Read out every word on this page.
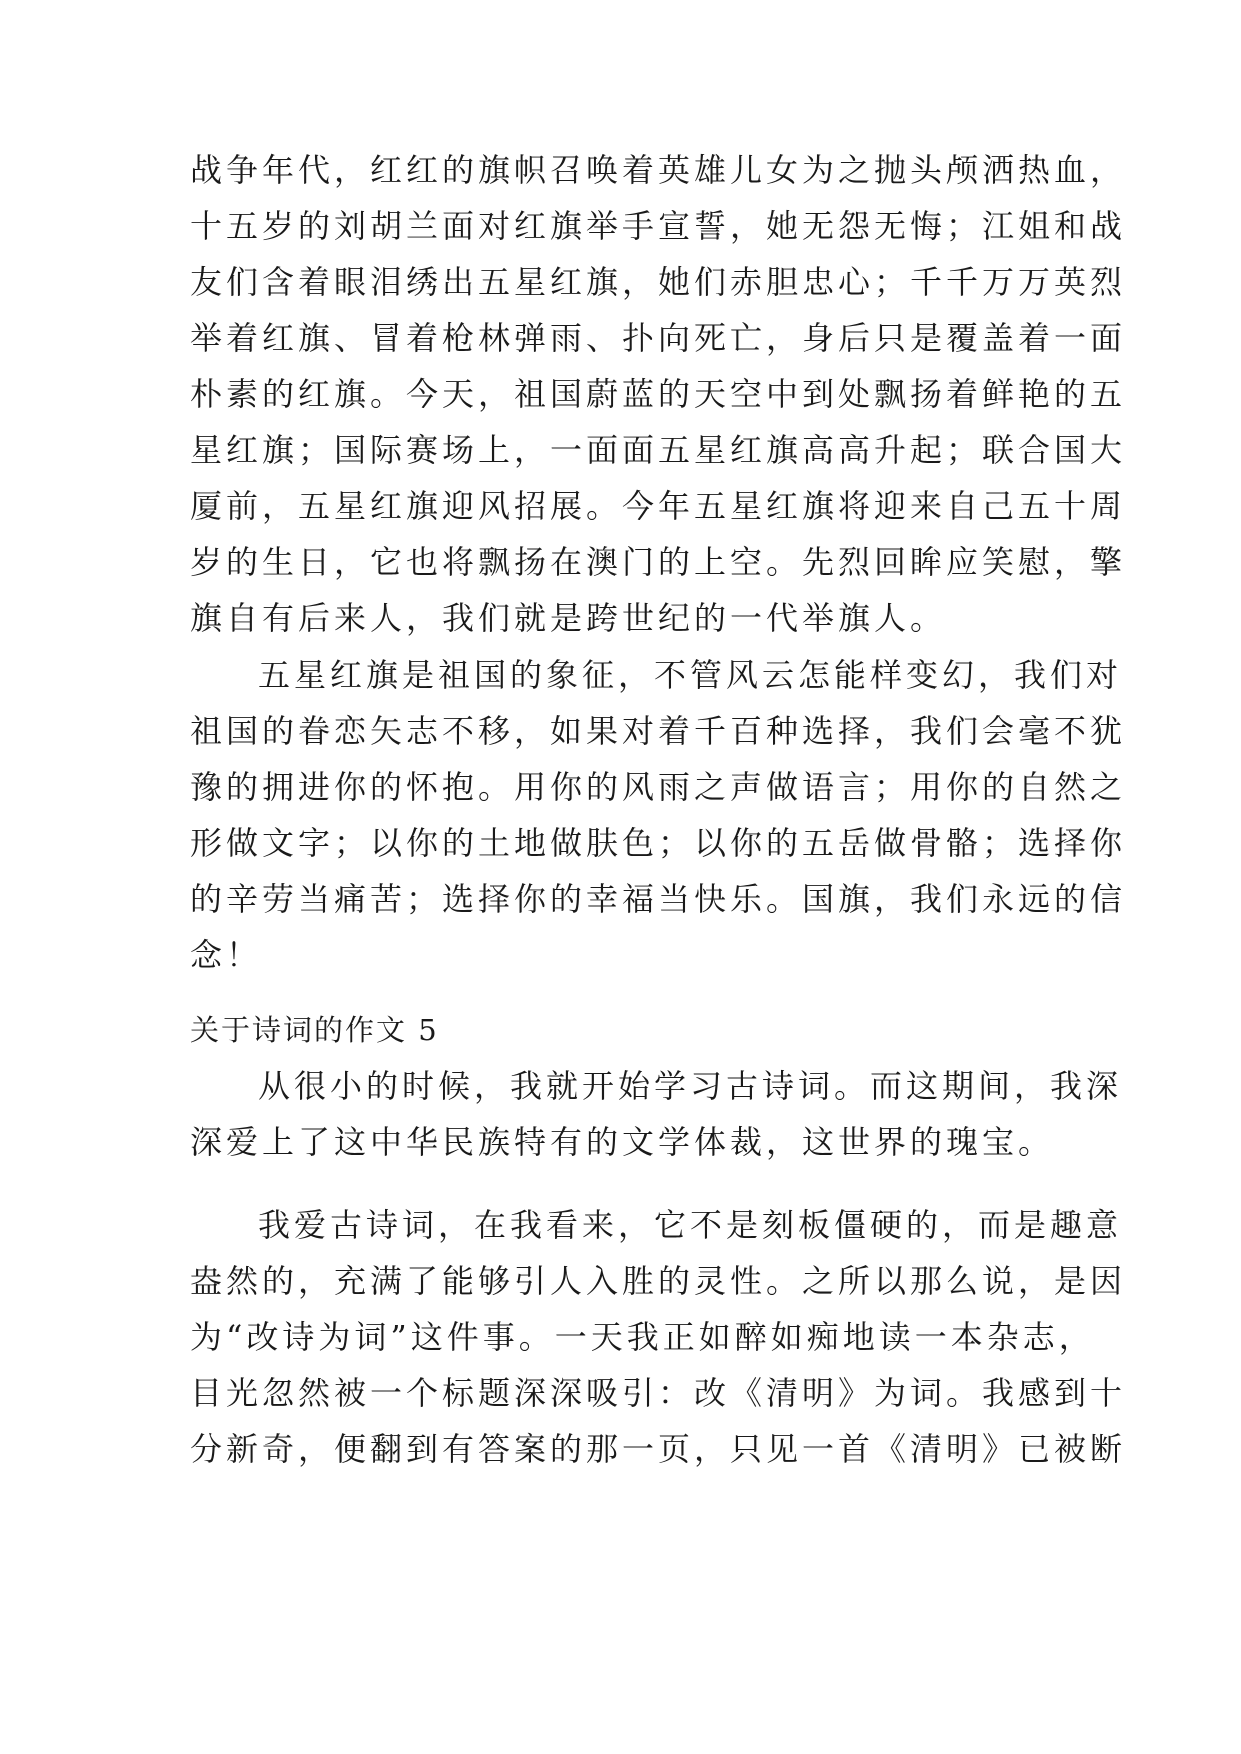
战争年代，红红的旗帜召唤着英雄儿女为之抛头颅洒热血，
十五岁的刘胡兰面对红旗举手宣誓，她无怨无悔；江姐和战
友们含着眼泪绣出五星红旗，她们赤胆忠心；千千万万英烈
举着红旗、冒着枪林弹雨、扑向死亡，身后只是覆盖着一面
朴素的红旗。今天，祖国蔚蓝的天空中到处飘扬着鲜艳的五
星红旗；国际赛场上，一面面五星红旗高高升起；联合国大
厦前，五星红旗迎风招展。今年五星红旗将迎来自己五十周
岁的生日，它也将飘扬在澳门的上空。先烈回眸应笑慰，擎
旗自有后来人，我们就是跨世纪的一代举旗人。
五星红旗是祖国的象征，不管风云怎能样变幻，我们对
祖国的眷恋矢志不移，如果对着千百种选择，我们会毫不犹
豫的拥进你的怀抱。用你的风雨之声做语言；用你的自然之
形做文字；以你的土地做肤色；以你的五岳做骨骼；选择你
的辛劳当痛苦；选择你的幸福当快乐。国旗，我们永远的信
念！
关于诗词的作文 5
从很小的时候，我就开始学习古诗词。而这期间，我深
深爱上了这中华民族特有的文学体裁，这世界的瑰宝。
我爱古诗词，在我看来，它不是刻板僵硬的，而是趣意
盎然的，充满了能够引人入胜的灵性。之所以那么说，是因
为“改诗为词”这件事。一天我正如醉如痴地读一本杂志，
目光忽然被一个标题深深吸引：改《清明》为词。我感到十
分新奇，便翻到有答案的那一页，只见一首《清明》已被断
